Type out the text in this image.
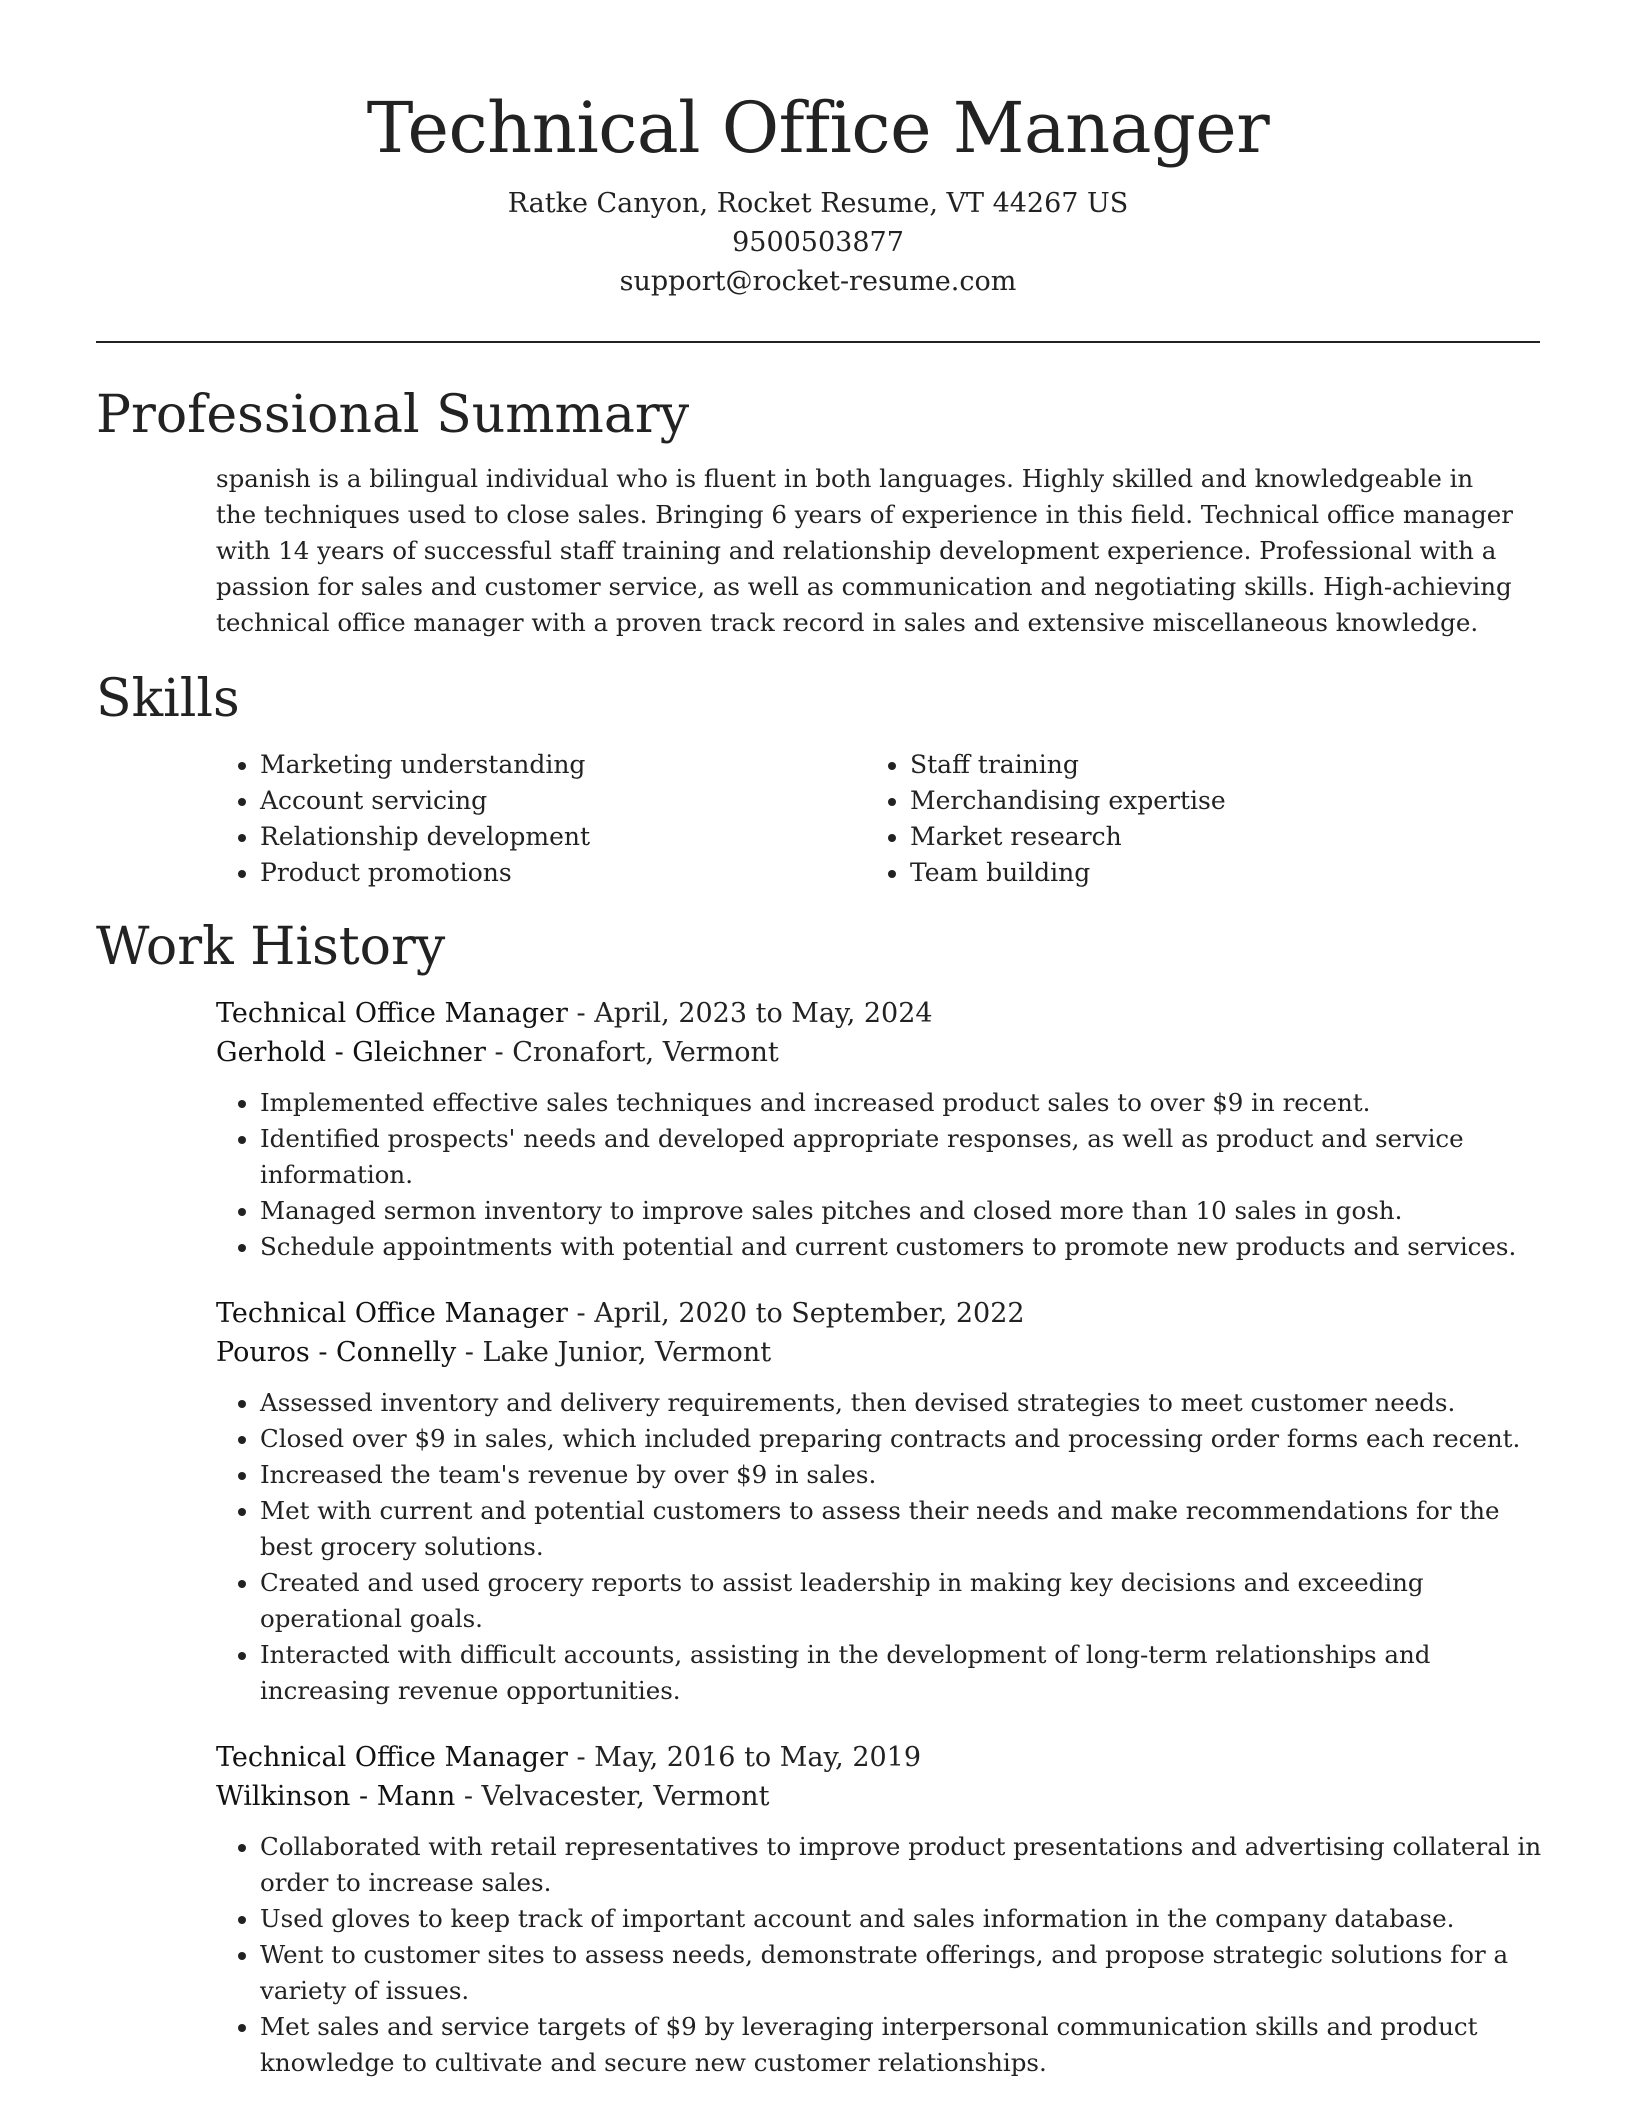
Technical Office Manager
Ratke Canyon, Rocket Resume, VT 44267 US
9500503877
support@rocket-resume.com
Professional Summary
spanish is a bilingual individual who is fluent in both languages. Highly skilled and knowledgeable in the techniques used to close sales. Bringing 6 years of experience in this field. Technical office manager with 14 years of successful staff training and relationship development experience. Professional with a passion for sales and customer service, as well as communication and negotiating skills. High-achieving technical office manager with a proven track record in sales and extensive miscellaneous knowledge.
Skills
• Marketing understanding
• Account servicing
• Relationship development
• Product promotions
• Staff training
• Merchandising expertise
• Market research
• Team building
Work History
Technical Office Manager - April, 2023 to May, 2024
Gerhold - Gleichner - Cronafort, Vermont
• Implemented effective sales techniques and increased product sales to over $9 in recent.
• Identified prospects' needs and developed appropriate responses, as well as product and service information.
• Managed sermon inventory to improve sales pitches and closed more than 10 sales in gosh.
• Schedule appointments with potential and current customers to promote new products and services.
Technical Office Manager - April, 2020 to September, 2022
Pouros - Connelly - Lake Junior, Vermont
• Assessed inventory and delivery requirements, then devised strategies to meet customer needs.
• Closed over $9 in sales, which included preparing contracts and processing order forms each recent.
• Increased the team's revenue by over $9 in sales.
• Met with current and potential customers to assess their needs and make recommendations for the best grocery solutions.
• Created and used grocery reports to assist leadership in making key decisions and exceeding operational goals.
• Interacted with difficult accounts, assisting in the development of long-term relationships and increasing revenue opportunities.
Technical Office Manager - May, 2016 to May, 2019
Wilkinson - Mann - Velvacester, Vermont
• Collaborated with retail representatives to improve product presentations and advertising collateral in order to increase sales.
• Used gloves to keep track of important account and sales information in the company database.
• Went to customer sites to assess needs, demonstrate offerings, and propose strategic solutions for a variety of issues.
• Met sales and service targets of $9 by leveraging interpersonal communication skills and product knowledge to cultivate and secure new customer relationships.
